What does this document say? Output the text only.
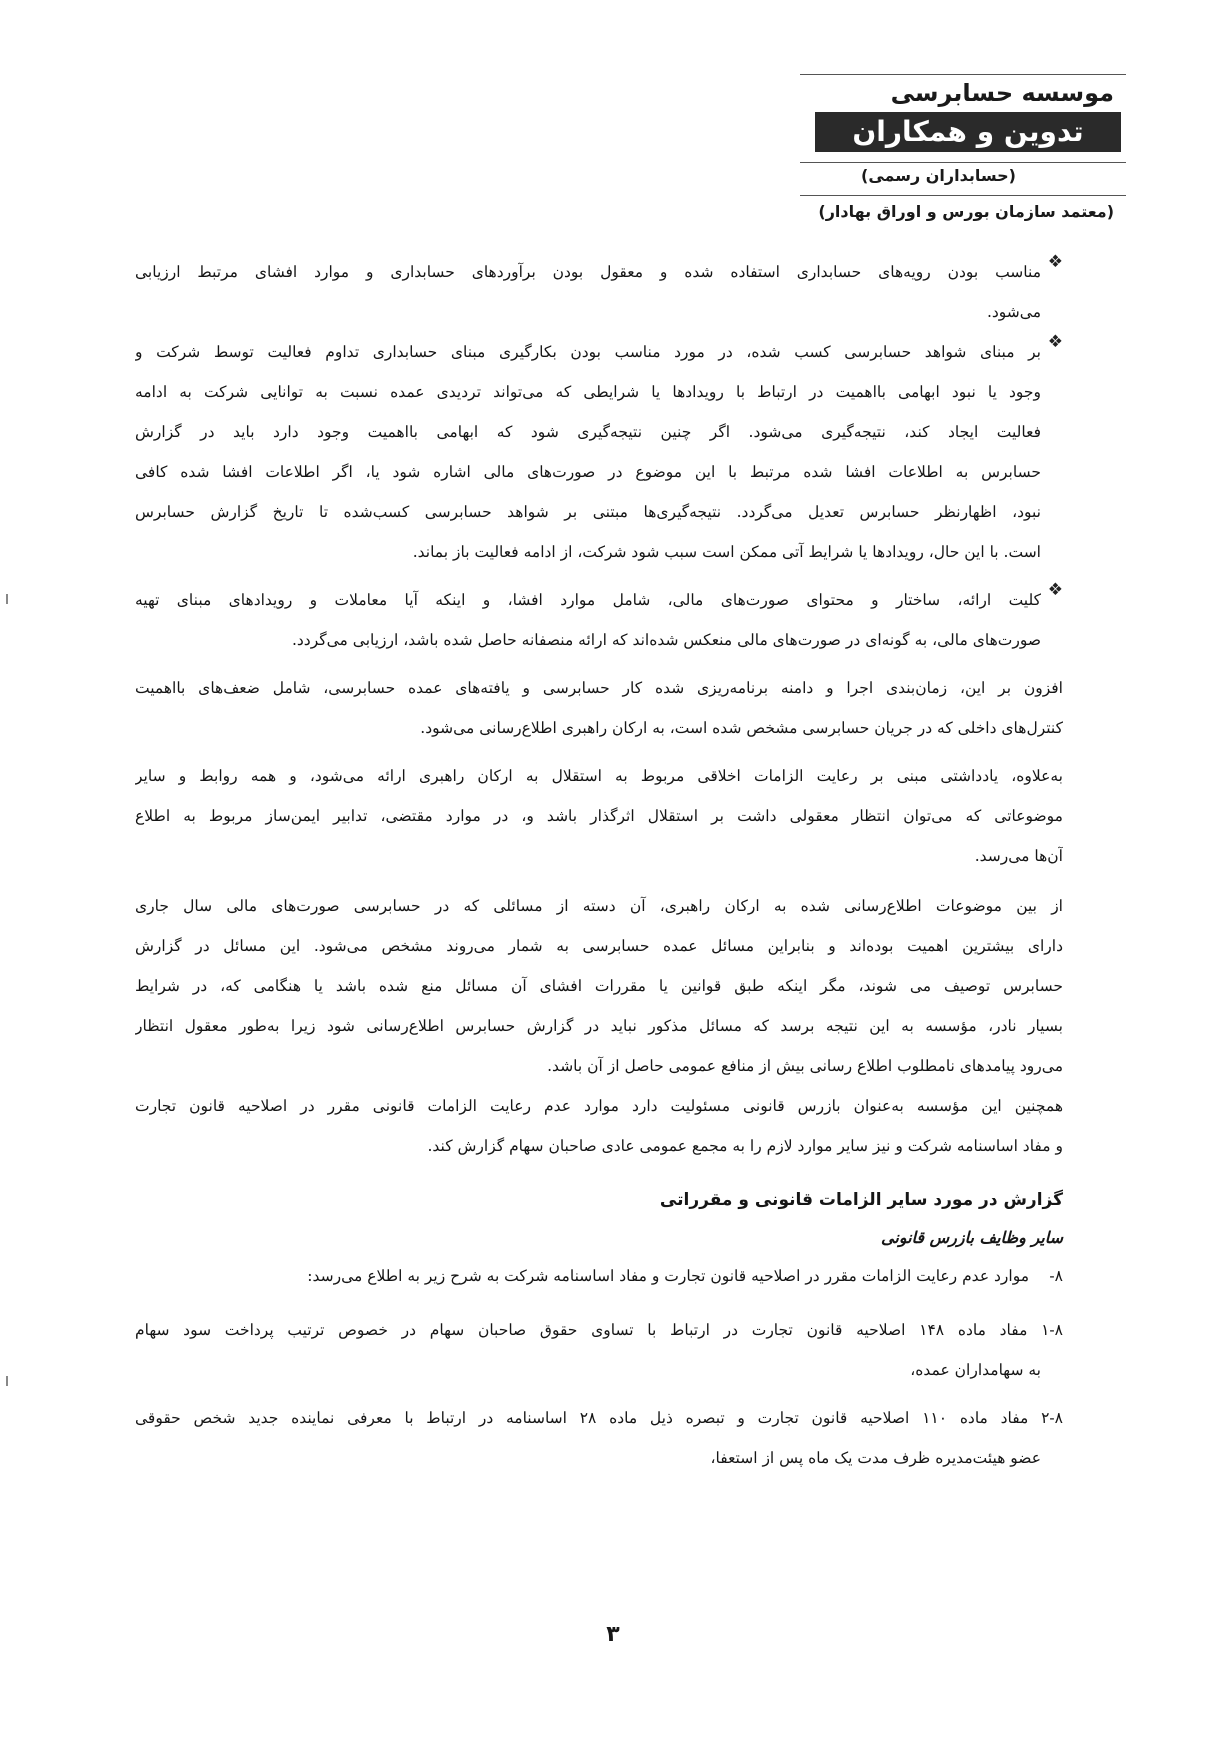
موسسه حسابرسی
تدوین و همکاران
(حسابداران رسمی)
(معتمد سازمان بورس و اوراق بهادار)
❖
مناسب بودن رویه‌های حسابداری استفاده شده و معقول بودن برآوردهای حسابداری و موارد افشای مرتبط ارزیابی
می‌شود.
❖
بر مبنای شواهد حسابرسی کسب شده، در مورد مناسب بودن بکارگیری مبنای حسابداری تداوم فعالیت توسط شرکت و
وجود یا نبود ابهامی بااهمیت در ارتباط با رویدادها یا شرایطی که می‌تواند تردیدی عمده نسبت به توانایی شرکت به ادامه
فعالیت ایجاد کند، نتیجه‌گیری می‌شود. اگر چنین نتیجه‌گیری شود که ابهامی بااهمیت وجود دارد باید در گزارش
حسابرس به اطلاعات افشا شده مرتبط با این موضوع در صورت‌های مالی اشاره شود یا، اگر اطلاعات افشا شده کافی
نبود، اظهارنظر حسابرس تعدیل می‌گردد. نتیجه‌گیری‌ها مبتنی بر شواهد حسابرسی کسب‌شده تا تاریخ گزارش حسابرس
است. با این حال، رویدادها یا شرایط آتی ممکن است سبب شود شرکت، از ادامه فعالیت باز بماند.
❖
کلیت ارائه، ساختار و محتوای صورت‌های مالی، شامل موارد افشا، و اینکه آیا معاملات و رویدادهای مبنای تهیه
صورت‌های مالی، به گونه‌ای در صورت‌های مالی منعکس شده‌اند که ارائه منصفانه حاصل شده باشد، ارزیابی می‌گردد.
افزون بر این، زمان‌بندی اجرا و دامنه برنامه‌ریزی شده کار حسابرسی و یافته‌های عمده حسابرسی، شامل ضعف‌های بااهمیت
کنترل‌های داخلی که در جریان حسابرسی مشخص شده است، به ارکان راهبری اطلاع‌رسانی می‌شود.
به‌علاوه، یادداشتی مبنی بر رعایت الزامات اخلاقی مربوط به استقلال به ارکان راهبری ارائه می‌شود، و همه روابط و سایر
موضوعاتی که می‌توان انتظار معقولی داشت بر استقلال اثرگذار باشد و، در موارد مقتضی، تدابیر ایمن‌ساز مربوط به اطلاع
آن‌ها می‌رسد.
از بین موضوعات اطلاع‌رسانی شده به ارکان راهبری، آن دسته از مسائلی که در حسابرسی صورت‌های مالی سال جاری
دارای بیشترین اهمیت بوده‌اند و بنابراین مسائل عمده حسابرسی به شمار می‌روند مشخص می‌شود. این مسائل در گزارش
حسابرس توصیف می شوند، مگر اینکه طبق قوانین یا مقررات افشای آن مسائل منع شده باشد یا هنگامی که، در شرایط
بسیار نادر، مؤسسه به این نتیجه برسد که مسائل مذکور نباید در گزارش حسابرس اطلاع‌رسانی شود زیرا به‌طور معقول انتظار
می‌رود پیامدهای نامطلوب اطلاع رسانی بیش از منافع عمومی حاصل از آن باشد.
همچنین این مؤسسه به‌عنوان بازرس قانونی مسئولیت دارد موارد عدم رعایت الزامات قانونی مقرر در اصلاحیه قانون تجارت
و مفاد اساسنامه شرکت و نیز سایر موارد لازم را به مجمع عمومی عادی صاحبان سهام گزارش کند.
گزارش در مورد سایر الزامات قانونی و مقرراتی
سایر وظایف بازرس قانونی
۸-
موارد عدم رعایت الزامات مقرر در اصلاحیه قانون تجارت و مفاد اساسنامه شرکت به شرح زیر به اطلاع می‌رسد:
۱-۸ مفاد ماده ۱۴۸ اصلاحیه قانون تجارت در ارتباط با تساوی حقوق صاحبان سهام در خصوص ترتیب پرداخت سود سهام
به سهامداران عمده،
۲-۸ مفاد ماده ۱۱۰ اصلاحیه قانون تجارت و تبصره ذیل ماده ۲۸ اساسنامه در ارتباط با معرفی نماینده جدید شخص حقوقی
عضو هیئت‌مدیره ظرف مدت یک ماه پس از استعفا،
۳
